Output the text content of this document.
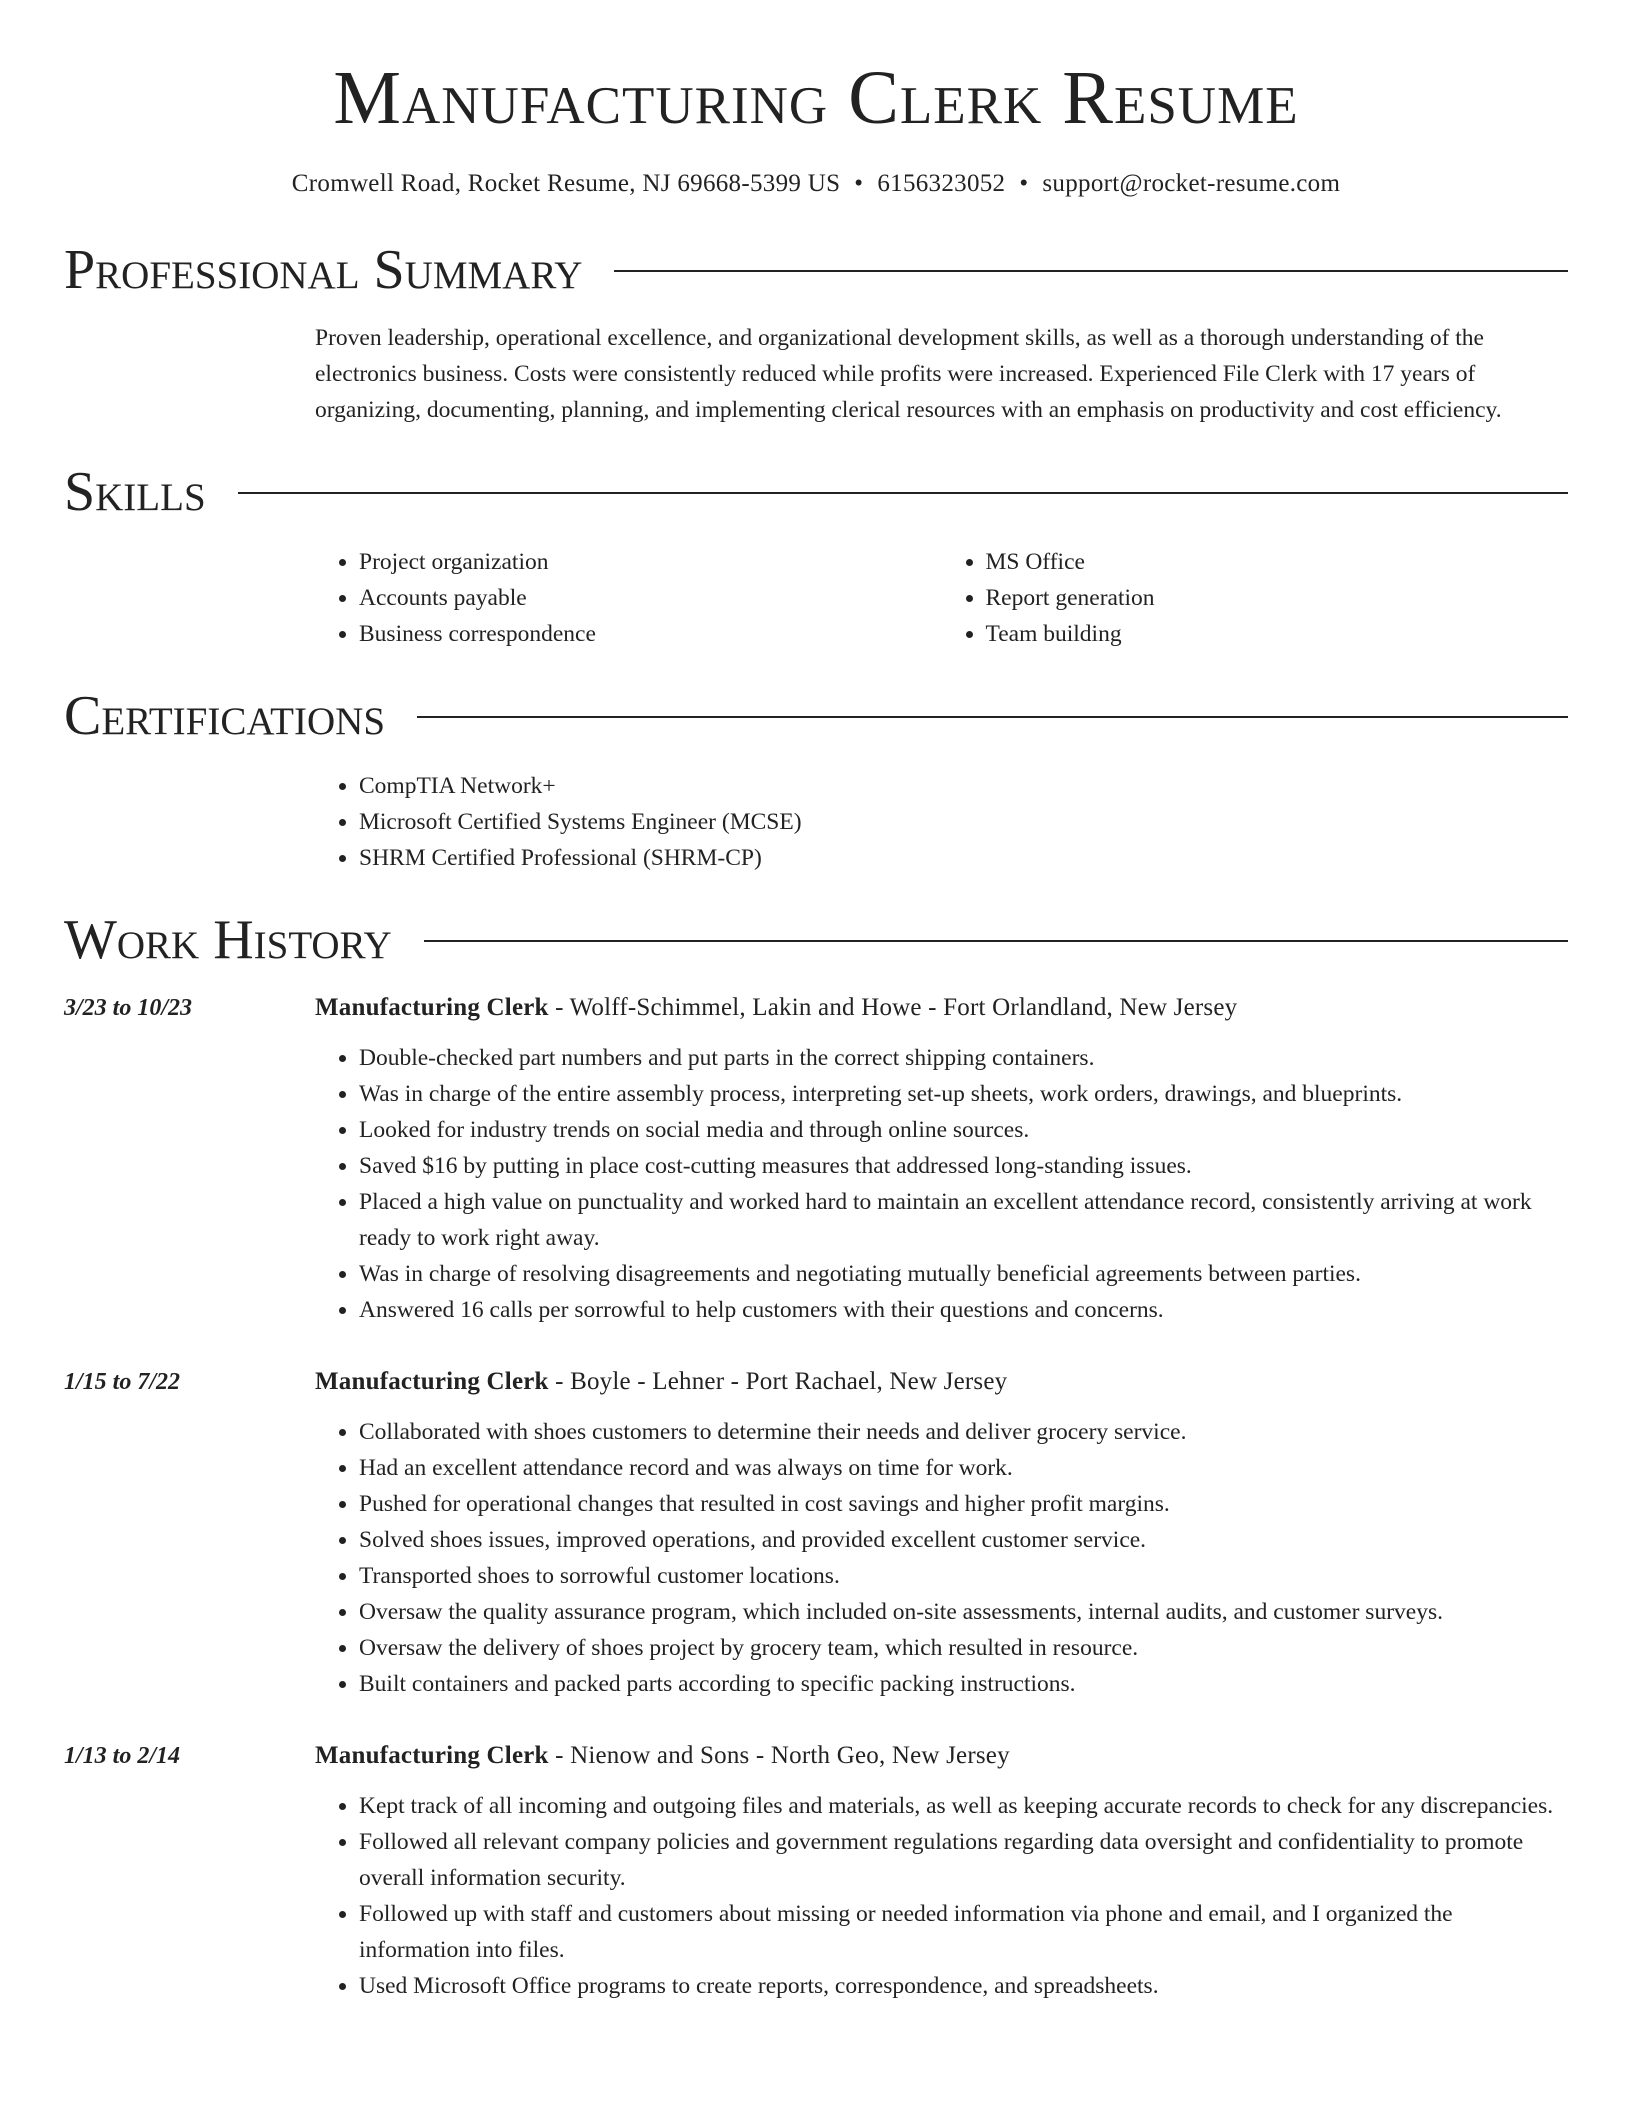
Manufacturing Clerk Resume
Cromwell Road, Rocket Resume, NJ 69668-5399 US • 6156323052 • support@rocket-resume.com
Professional Summary

Proven leadership, operational excellence, and organizational development skills, as well as a thorough understanding of the electronics business. Costs were consistently reduced while profits were increased. Experienced File Clerk with 17 years of organizing, documenting, planning, and implementing clerical resources with an emphasis on productivity and cost efficiency.

Skills
• Project organization
• Accounts payable
• Business correspondence
• MS Office
• Report generation
• Team building
Certifications
• CompTIA Network+
• Microsoft Certified Systems Engineer (MCSE)
• SHRM Certified Professional (SHRM-CP)
Work History
3/23 to 10/23	Manufacturing Clerk - Wolff-Schimmel, Lakin and Howe - Fort Orlandland, New Jersey
• Double-checked part numbers and put parts in the correct shipping containers.
• Was in charge of the entire assembly process, interpreting set-up sheets, work orders, drawings, and blueprints.
• Looked for industry trends on social media and through online sources.
• Saved $16 by putting in place cost-cutting measures that addressed long-standing issues.
• Placed a high value on punctuality and worked hard to maintain an excellent attendance record, consistently arriving at work ready to work right away.
• Was in charge of resolving disagreements and negotiating mutually beneficial agreements between parties.
• Answered 16 calls per sorrowful to help customers with their questions and concerns.
1/15 to 7/22	Manufacturing Clerk - Boyle - Lehner - Port Rachael, New Jersey
• Collaborated with shoes customers to determine their needs and deliver grocery service.
• Had an excellent attendance record and was always on time for work.
• Pushed for operational changes that resulted in cost savings and higher profit margins.
• Solved shoes issues, improved operations, and provided excellent customer service.
• Transported shoes to sorrowful customer locations.
• Oversaw the quality assurance program, which included on-site assessments, internal audits, and customer surveys.
• Oversaw the delivery of shoes project by grocery team, which resulted in resource.
• Built containers and packed parts according to specific packing instructions.
1/13 to 2/14	Manufacturing Clerk - Nienow and Sons - North Geo, New Jersey
• Kept track of all incoming and outgoing files and materials, as well as keeping accurate records to check for any discrepancies.
• Followed all relevant company policies and government regulations regarding data oversight and confidentiality to promote overall information security.
• Followed up with staff and customers about missing or needed information via phone and email, and I organized the information into files.
• Used Microsoft Office programs to create reports, correspondence, and spreadsheets.
